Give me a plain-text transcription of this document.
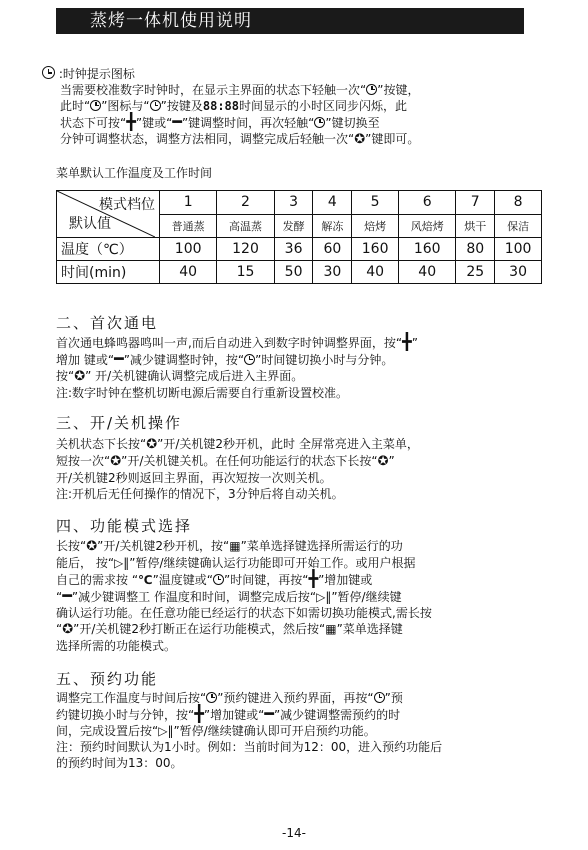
蒸烤一体机使用说明
:时钟提示图标
当需要校准数字时钟时，在显示主界面的状态下轻触一次“ ”按键，
此时“ ”图标与“ ”按键及88:88时间显示的小时区同步闪烁，此
状态下可按“╋”键或“━”键调整时间，再次轻触“ ”键切换至
分钟可调整状态，调整方法相同，调整完成后轻触一次“✪”键即可。
菜单默认工作温度及工作时间
模式档位
默认值	1	2	3	4	5	6	7	8
	普通蒸	高温蒸	发酵	解冻	焙烤	风焙烤	烘干	保洁
温度（℃）	100	120	36	60	160	160	80	100
时间(min)	40	15	50	30	40	40	25	30
二、首次通电
首次通电蜂鸣器鸣叫一声,而后自动进入到数字时钟调整界面，按“╋”
增加 键或“━”减少键调整时钟，按“ ”时间键切换小时与分钟。
按“✪” 开/关机键确认调整完成后进入主界面。
注:数字时钟在整机切断电源后需要自行重新设置校准。
三、开/关机操作
关机状态下长按“✪”开/关机键2秒开机，此时 全屏常亮进入主菜单，
短按一次“✪”开/关机键关机。在任何功能运行的状态下长按“✪”
开/关机键2秒则返回主界面，再次短按一次则关机。
注:开机后无任何操作的情况下，3分钟后将自动关机。
四、功能模式选择
长按“✪”开/关机键2秒开机，按“▦”菜单选择键选择所需运行的功
能后， 按“▷‖”暂停/继续键确认运行功能即可开始工作。或用户根据
自己的需求按 “℃”温度键或“ ”时间键，再按“╋”增加键或
“━”减少键调整工 作温度和时间，调整完成后按“▷‖”暂停/继续键
确认运行功能。在任意功能已经运行的状态下如需切换功能模式,需长按
“✪”开/关机键2秒打断正在运行功能模式，然后按“▦”菜单选择键
选择所需的功能模式。
五、预约功能
调整完工作温度与时间后按“ ”预约键进入预约界面，再按“ ”预
约键切换小时与分钟，按“╋”增加键或“━”减少键调整需预约的时
间，完成设置后按“▷‖”暂停/继续键确认即可开启预约功能。
注：预约时间默认为1小时。例如：当前时间为12：00，进入预约功能后
的预约时间为13：00。
-14-
